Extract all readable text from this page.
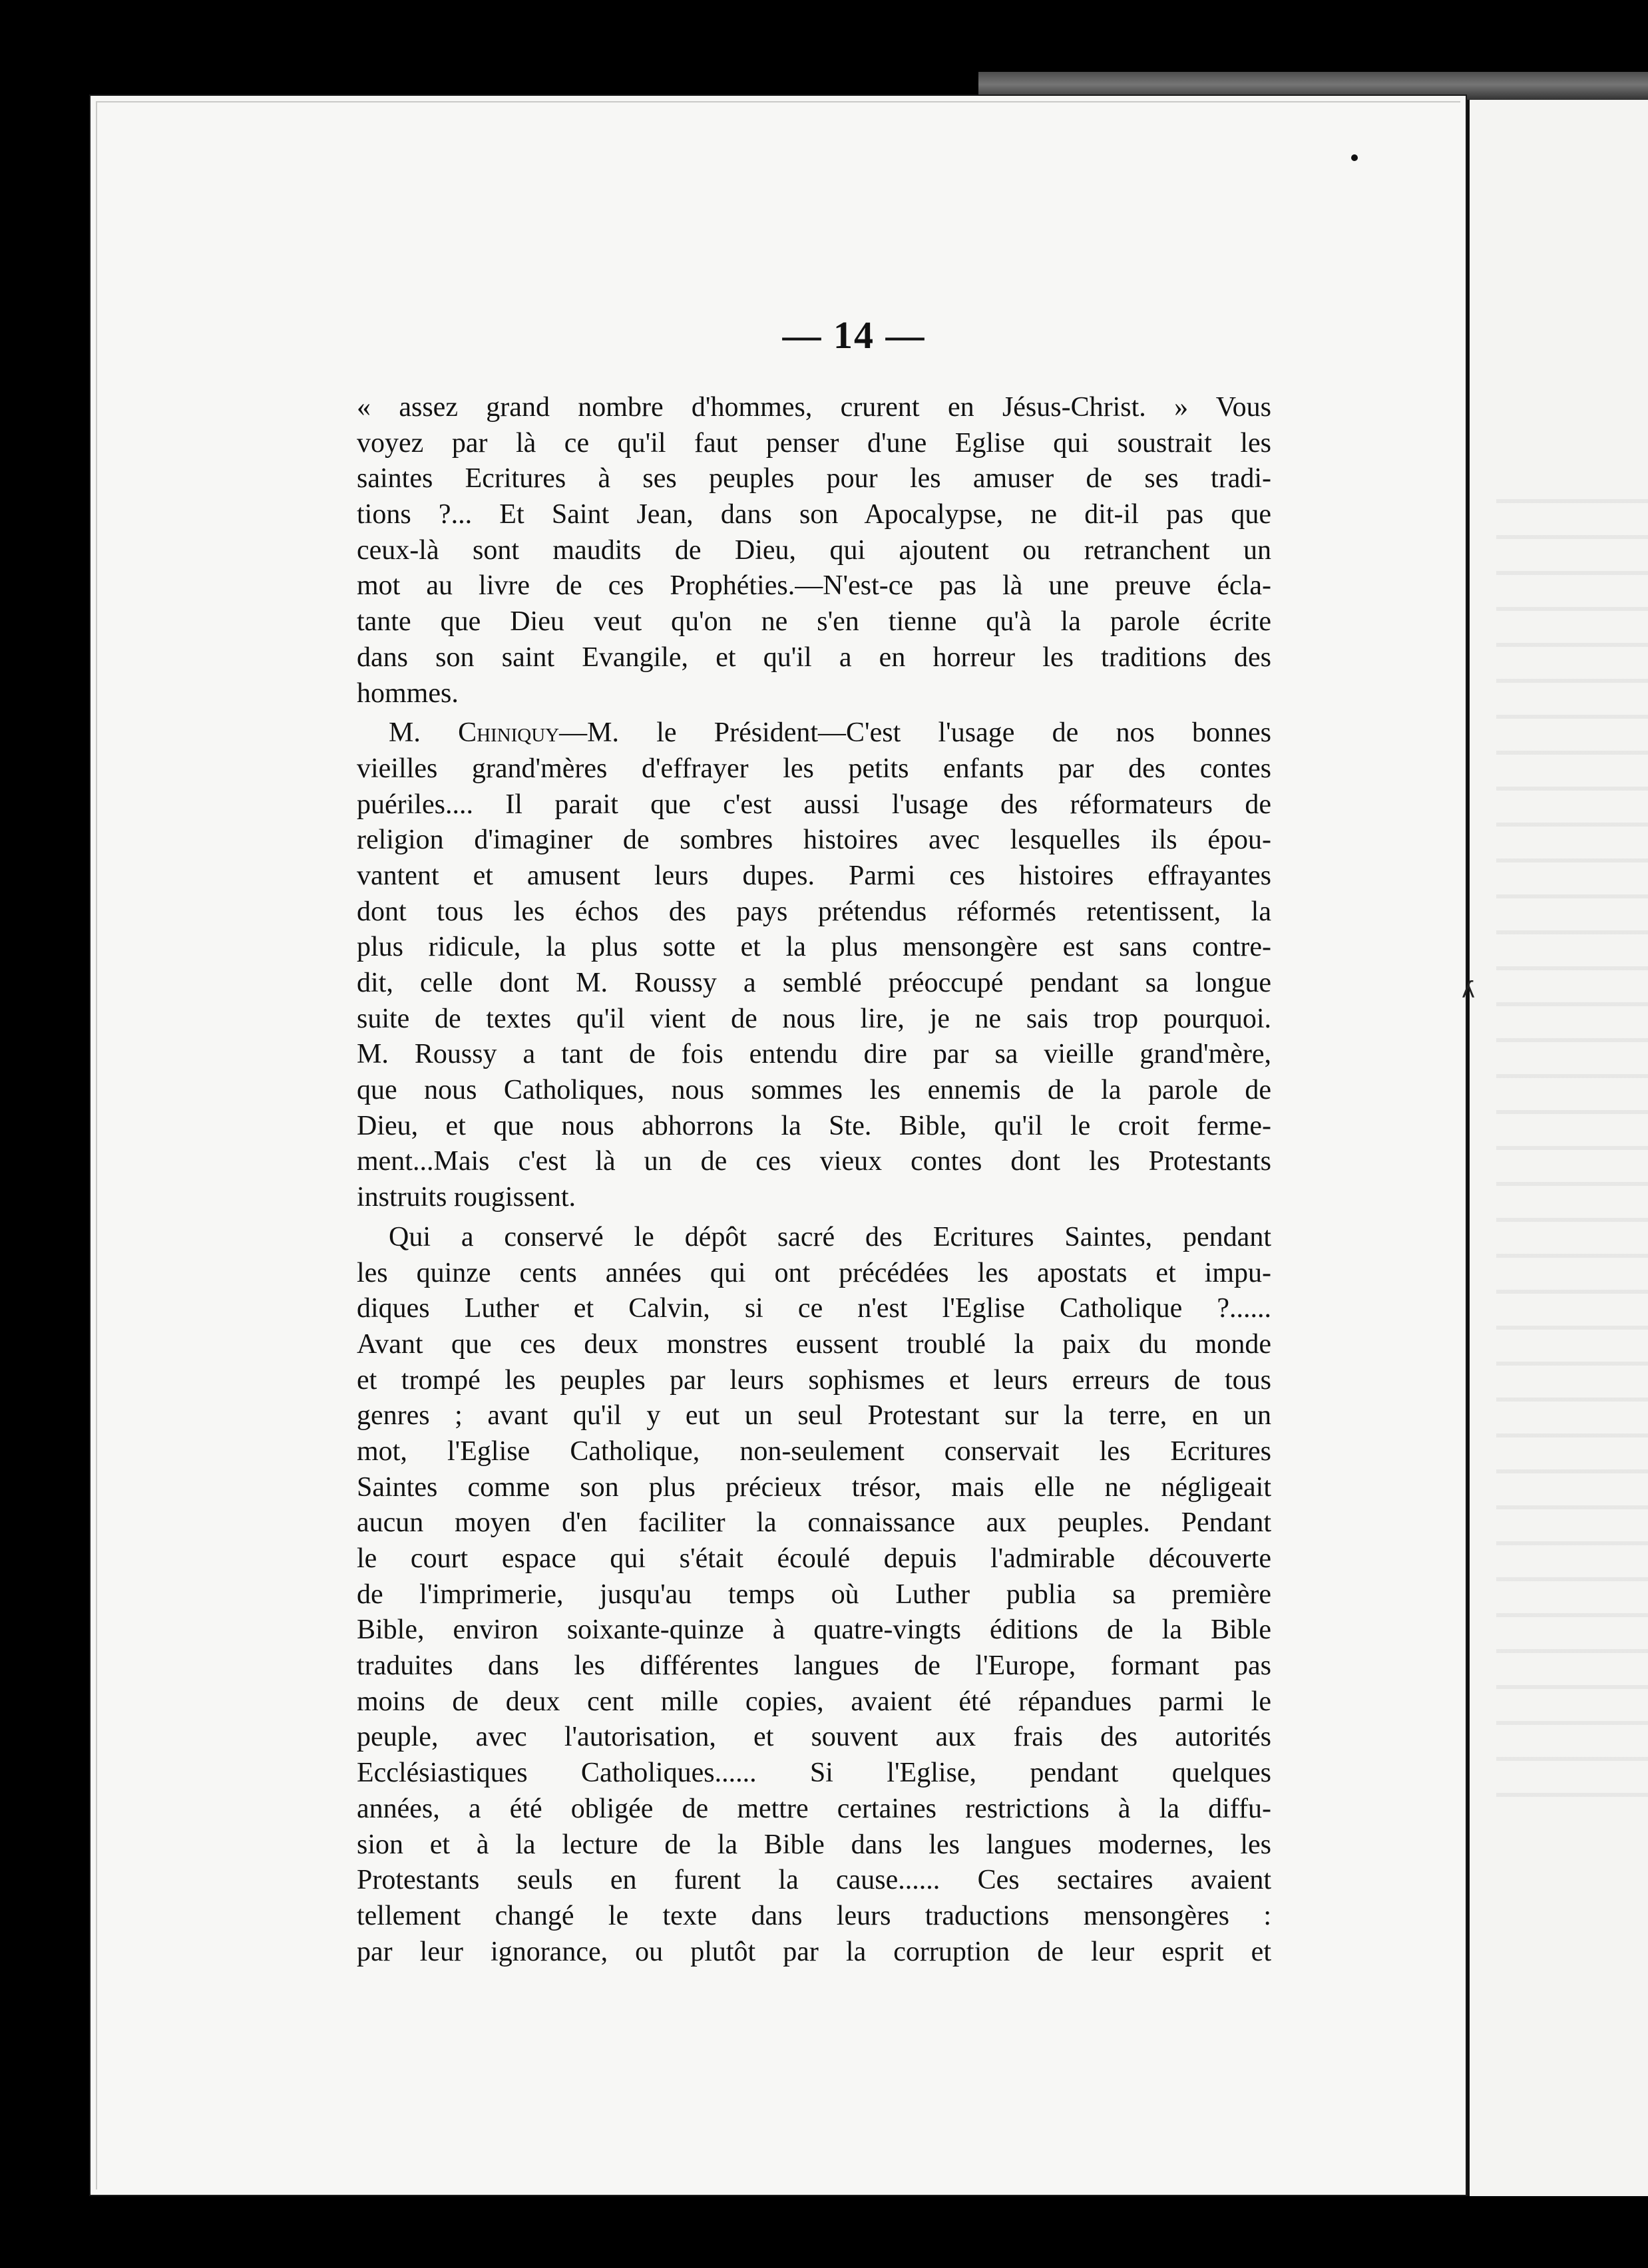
ʎ
— 14 —
« assez grand nombre d'hommes, crurent en Jésus-Christ. » Vous
voyez par là ce qu'il faut penser d'une Eglise qui soustrait les
saintes Ecritures à ses peuples pour les amuser de ses tradi-
tions ?... Et Saint Jean, dans son Apocalypse, ne dit-il pas que
ceux-là sont maudits de Dieu, qui ajoutent ou retranchent un
mot au livre de ces Prophéties.—N'est-ce pas là une preuve écla-
tante que Dieu veut qu'on ne s'en tienne qu'à la parole écrite
dans son saint Evangile, et qu'il a en horreur les traditions des
hommes.
M. Chiniquy—M. le Président—C'est l'usage de nos bonnes
vieilles grand'mères d'effrayer les petits enfants par des contes
puériles.... Il parait que c'est aussi l'usage des réformateurs de
religion d'imaginer de sombres histoires avec lesquelles ils épou-
vantent et amusent leurs dupes. Parmi ces histoires effrayantes
dont tous les échos des pays prétendus réformés retentissent, la
plus ridicule, la plus sotte et la plus mensongère est sans contre-
dit, celle dont M. Roussy a semblé préoccupé pendant sa longue
suite de textes qu'il vient de nous lire, je ne sais trop pourquoi.
M. Roussy a tant de fois entendu dire par sa vieille grand'mère,
que nous Catholiques, nous sommes les ennemis de la parole de
Dieu, et que nous abhorrons la Ste. Bible, qu'il le croit ferme-
ment...Mais c'est là un de ces vieux contes dont les Protestants
instruits rougissent.
Qui a conservé le dépôt sacré des Ecritures Saintes, pendant
les quinze cents années qui ont précédées les apostats et impu-
diques Luther et Calvin, si ce n'est l'Eglise Catholique ?......
Avant que ces deux monstres eussent troublé la paix du monde
et trompé les peuples par leurs sophismes et leurs erreurs de tous
genres ; avant qu'il y eut un seul Protestant sur la terre, en un
mot, l'Eglise Catholique, non-seulement conservait les Ecritures
Saintes comme son plus précieux trésor, mais elle ne négligeait
aucun moyen d'en faciliter la connaissance aux peuples. Pendant
le court espace qui s'était écoulé depuis l'admirable découverte
de l'imprimerie, jusqu'au temps où Luther publia sa première
Bible, environ soixante-quinze à quatre-vingts éditions de la Bible
traduites dans les différentes langues de l'Europe, formant pas
moins de deux cent mille copies, avaient été répandues parmi le
peuple, avec l'autorisation, et souvent aux frais des autorités
Ecclésiastiques Catholiques...... Si l'Eglise, pendant quelques
années, a été obligée de mettre certaines restrictions à la diffu-
sion et à la lecture de la Bible dans les langues modernes, les
Protestants seuls en furent la cause...... Ces sectaires avaient
tellement changé le texte dans leurs traductions mensongères :
par leur ignorance, ou plutôt par la corruption de leur esprit et
